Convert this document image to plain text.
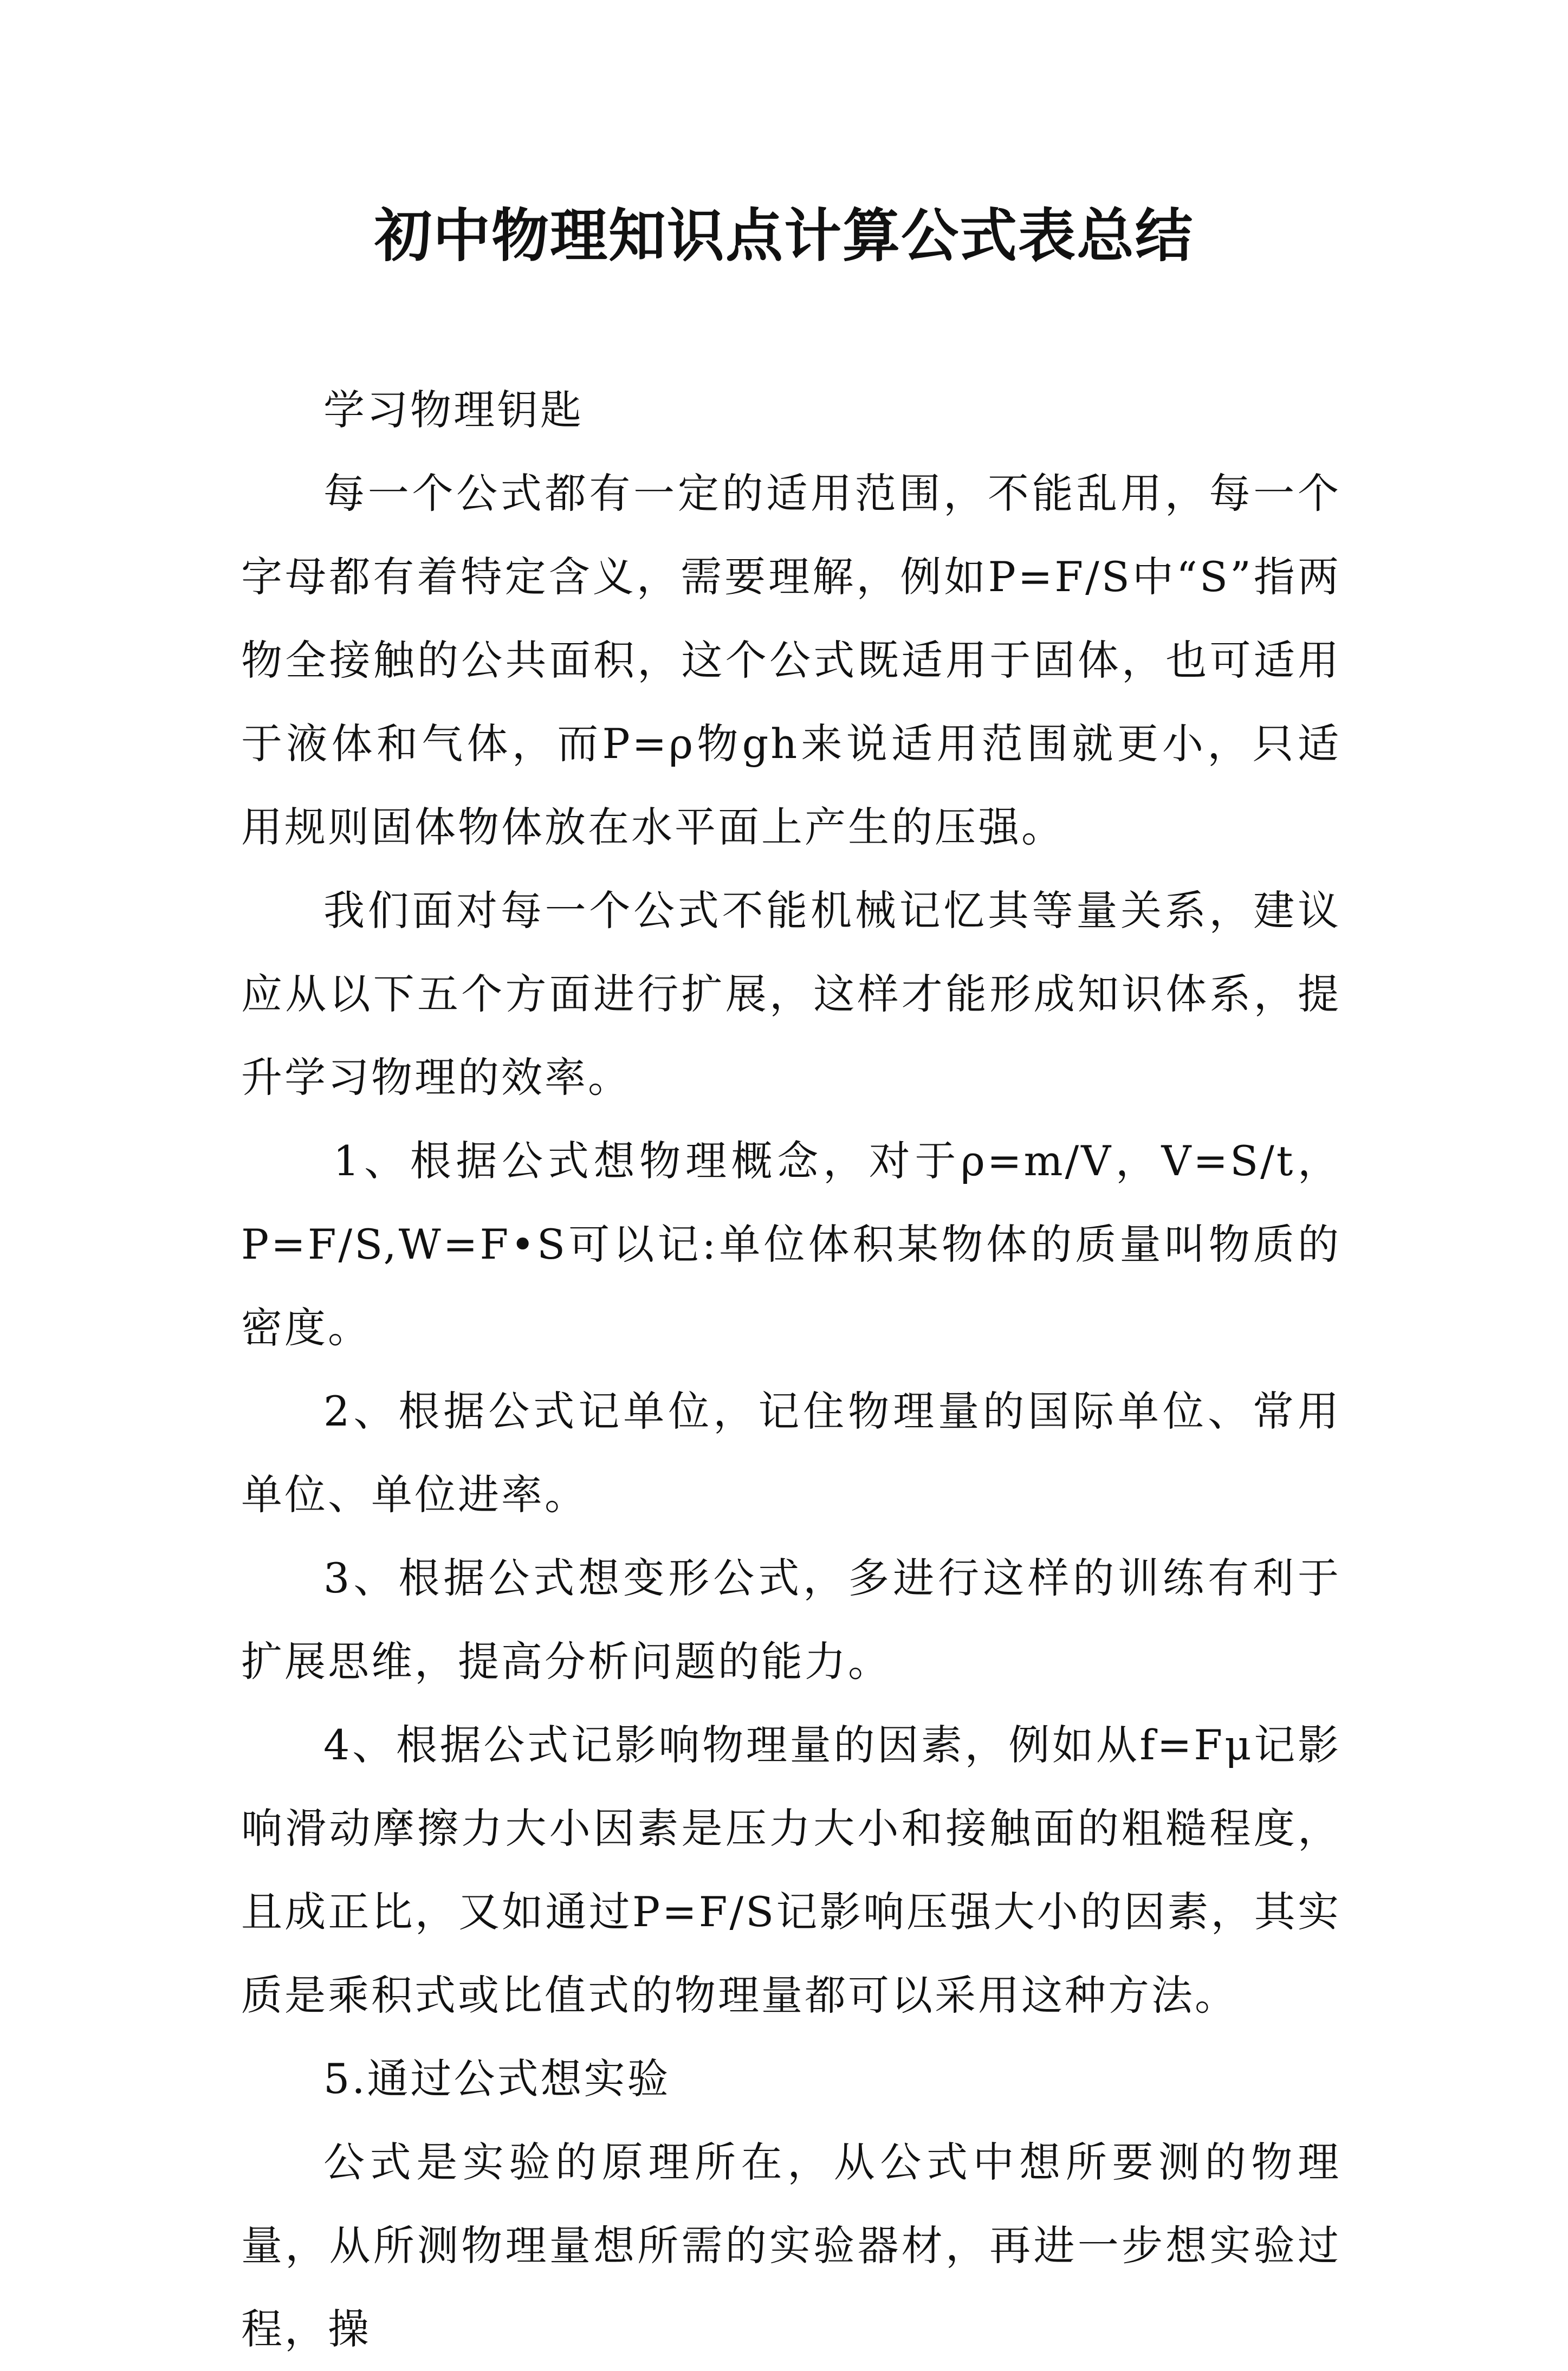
初中物理知识点计算公式表总结

学习物理钥匙

每一个公式都有一定的适用范围，不能乱用，每一个字母都有着特定含义，需要理解，例如P=F/S中“S”指两物全接触的公共面积，这个公式既适用于固体，也可适用于液体和气体，而P=ρ物gh来说适用范围就更小，只适用规则固体物体放在水平面上产生的压强。

我们面对每一个公式不能机械记忆其等量关系，建议应从以下五个方面进行扩展，这样才能形成知识体系，提升学习物理的效率。

1、根据公式想物理概念，对于ρ=m/V，V=S/t，P=F/S,W=F•S可以记:单位体积某物体的质量叫物质的密度。

2、根据公式记单位，记住物理量的国际单位、常用单位、单位进率。

3、根据公式想变形公式，多进行这样的训练有利于扩展思维，提高分析问题的能力。

4、根据公式记影响物理量的因素，例如从f=Fμ记影响滑动摩擦力大小因素是压力大小和接触面的粗糙程度，且成正比，又如通过P=F/S记影响压强大小的因素，其实质是乘积式或比值式的物理量都可以采用这种方法。

5.通过公式想实验

公式是实验的原理所在，从公式中想所要测的物理量，从所测物理量想所需的实验器材，再进一步想实验过程，操
